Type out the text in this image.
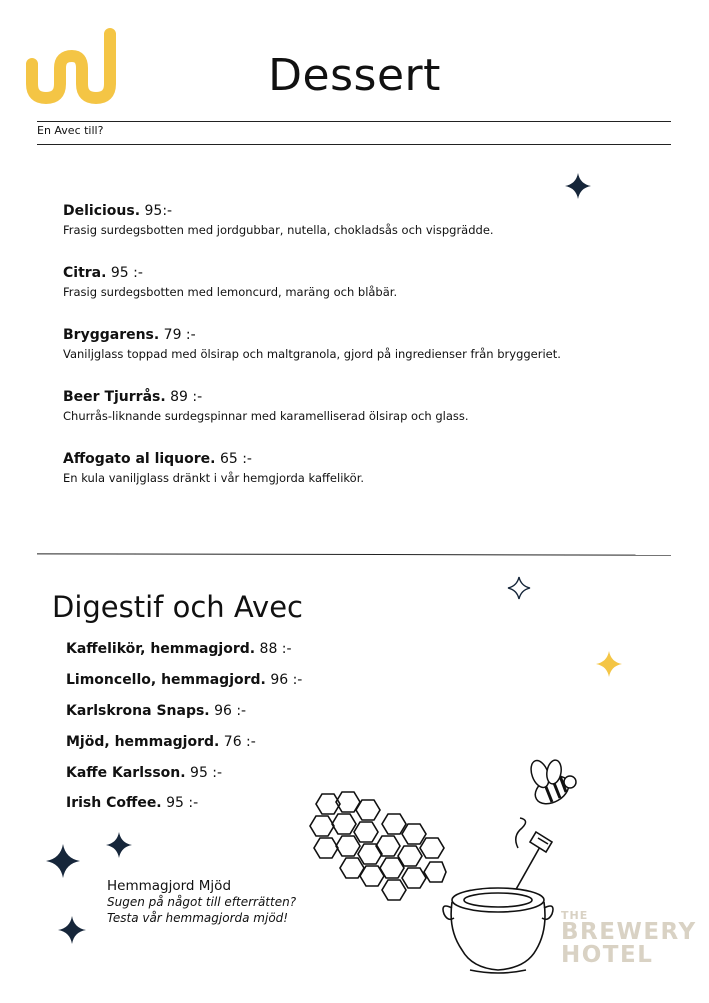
Dessert
En Avec till?
Delicious. 95:-
Frasig surdegsbotten med jordgubbar, nutella, chokladsås och vispgrädde.
Citra. 95 :-
Frasig surdegsbotten med lemoncurd, maräng och blåbär.
Bryggarens. 79 :-
Vaniljglass toppad med ölsirap och maltgranola, gjord på ingredienser från bryggeriet.
Beer Tjurrås. 89 :-
Churrås-liknande surdegspinnar med karamelliserad ölsirap och glass.
Affogato al liquore. 65 :-
En kula vaniljglass dränkt i vår hemgjorda kaffelikör.
Digestif och Avec
Kaffelikör, hemmagjord. 88 :-
Limoncello, hemmagjord. 96 :-
Karlskrona Snaps. 96 :-
Mjöd, hemmagjord. 76 :-
Kaffe Karlsson. 95 :-
Irish Coffee. 95 :-
Hemmagjord Mjöd
Sugen på något till efterrätten?
Testa vår hemmagjorda mjöd!	THE
BREWERY
HOTEL
